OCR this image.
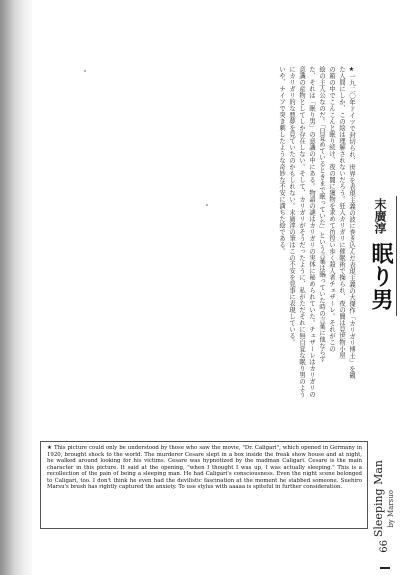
★一九二〇年ドイツで封切られ、世界を表現主義の波に巻き込んだ表現主義の大傑作「カリガリ博士」を観
た人間にしか、この絵は理解されないだろう。狂人カリガリに催眠術で操られ、夜の闇は見世物小屋
の箱の中でこんこんと眠り続け、夜の闇に獲物を求めて彷徨い歩く殺人者チェザーレ。それがこの
絵の主人公なのだ。「目覚めているときまで眠っていた」という言葉は眠っていた時の言葉に他ならず
た、それは「眠り男」の意識の中にある。物語の謎はカリガリの実体に秘められていた。チェザーレはカリガリの
意識の産物としてしか存在しない。そして、カリガリがそうだったように、私がただそれに無自覚な眠り男のよう
にカリガリ的な悪夢を見ていたのかもしれない。末廣淳の筆はこの不安を見事に表現している。
いや、ナイフで突き刺したような奇妙な不安に満ちた絵である。	末廣淳
眠り男

★ This picture could only be understood by those who saw the movie, "Dr. Caligari", which opened in Germany in 1920, brought shock to the world. The murderer Cesare slept in a box inside the freak show house and at night, he walked around looking for his victims. Cesare was hypnotized by the madman Caligari. Cesare is the main character in this picture. It said at the opening, "when I thought I was up, I was actually sleeping." This is a recollection of the pain of being a sleeping man. He had Caligari's consciousness. Even the night scene belonged to Caligari, too. I don't think he even had the devilistic fascination at the moment he stabbed someone. Suehiro Marsu's brush has rightly captured the anxiety. To use stylus with aaaaa is spiteful in further consideration.	Sleeping Man by Marsuo
66
